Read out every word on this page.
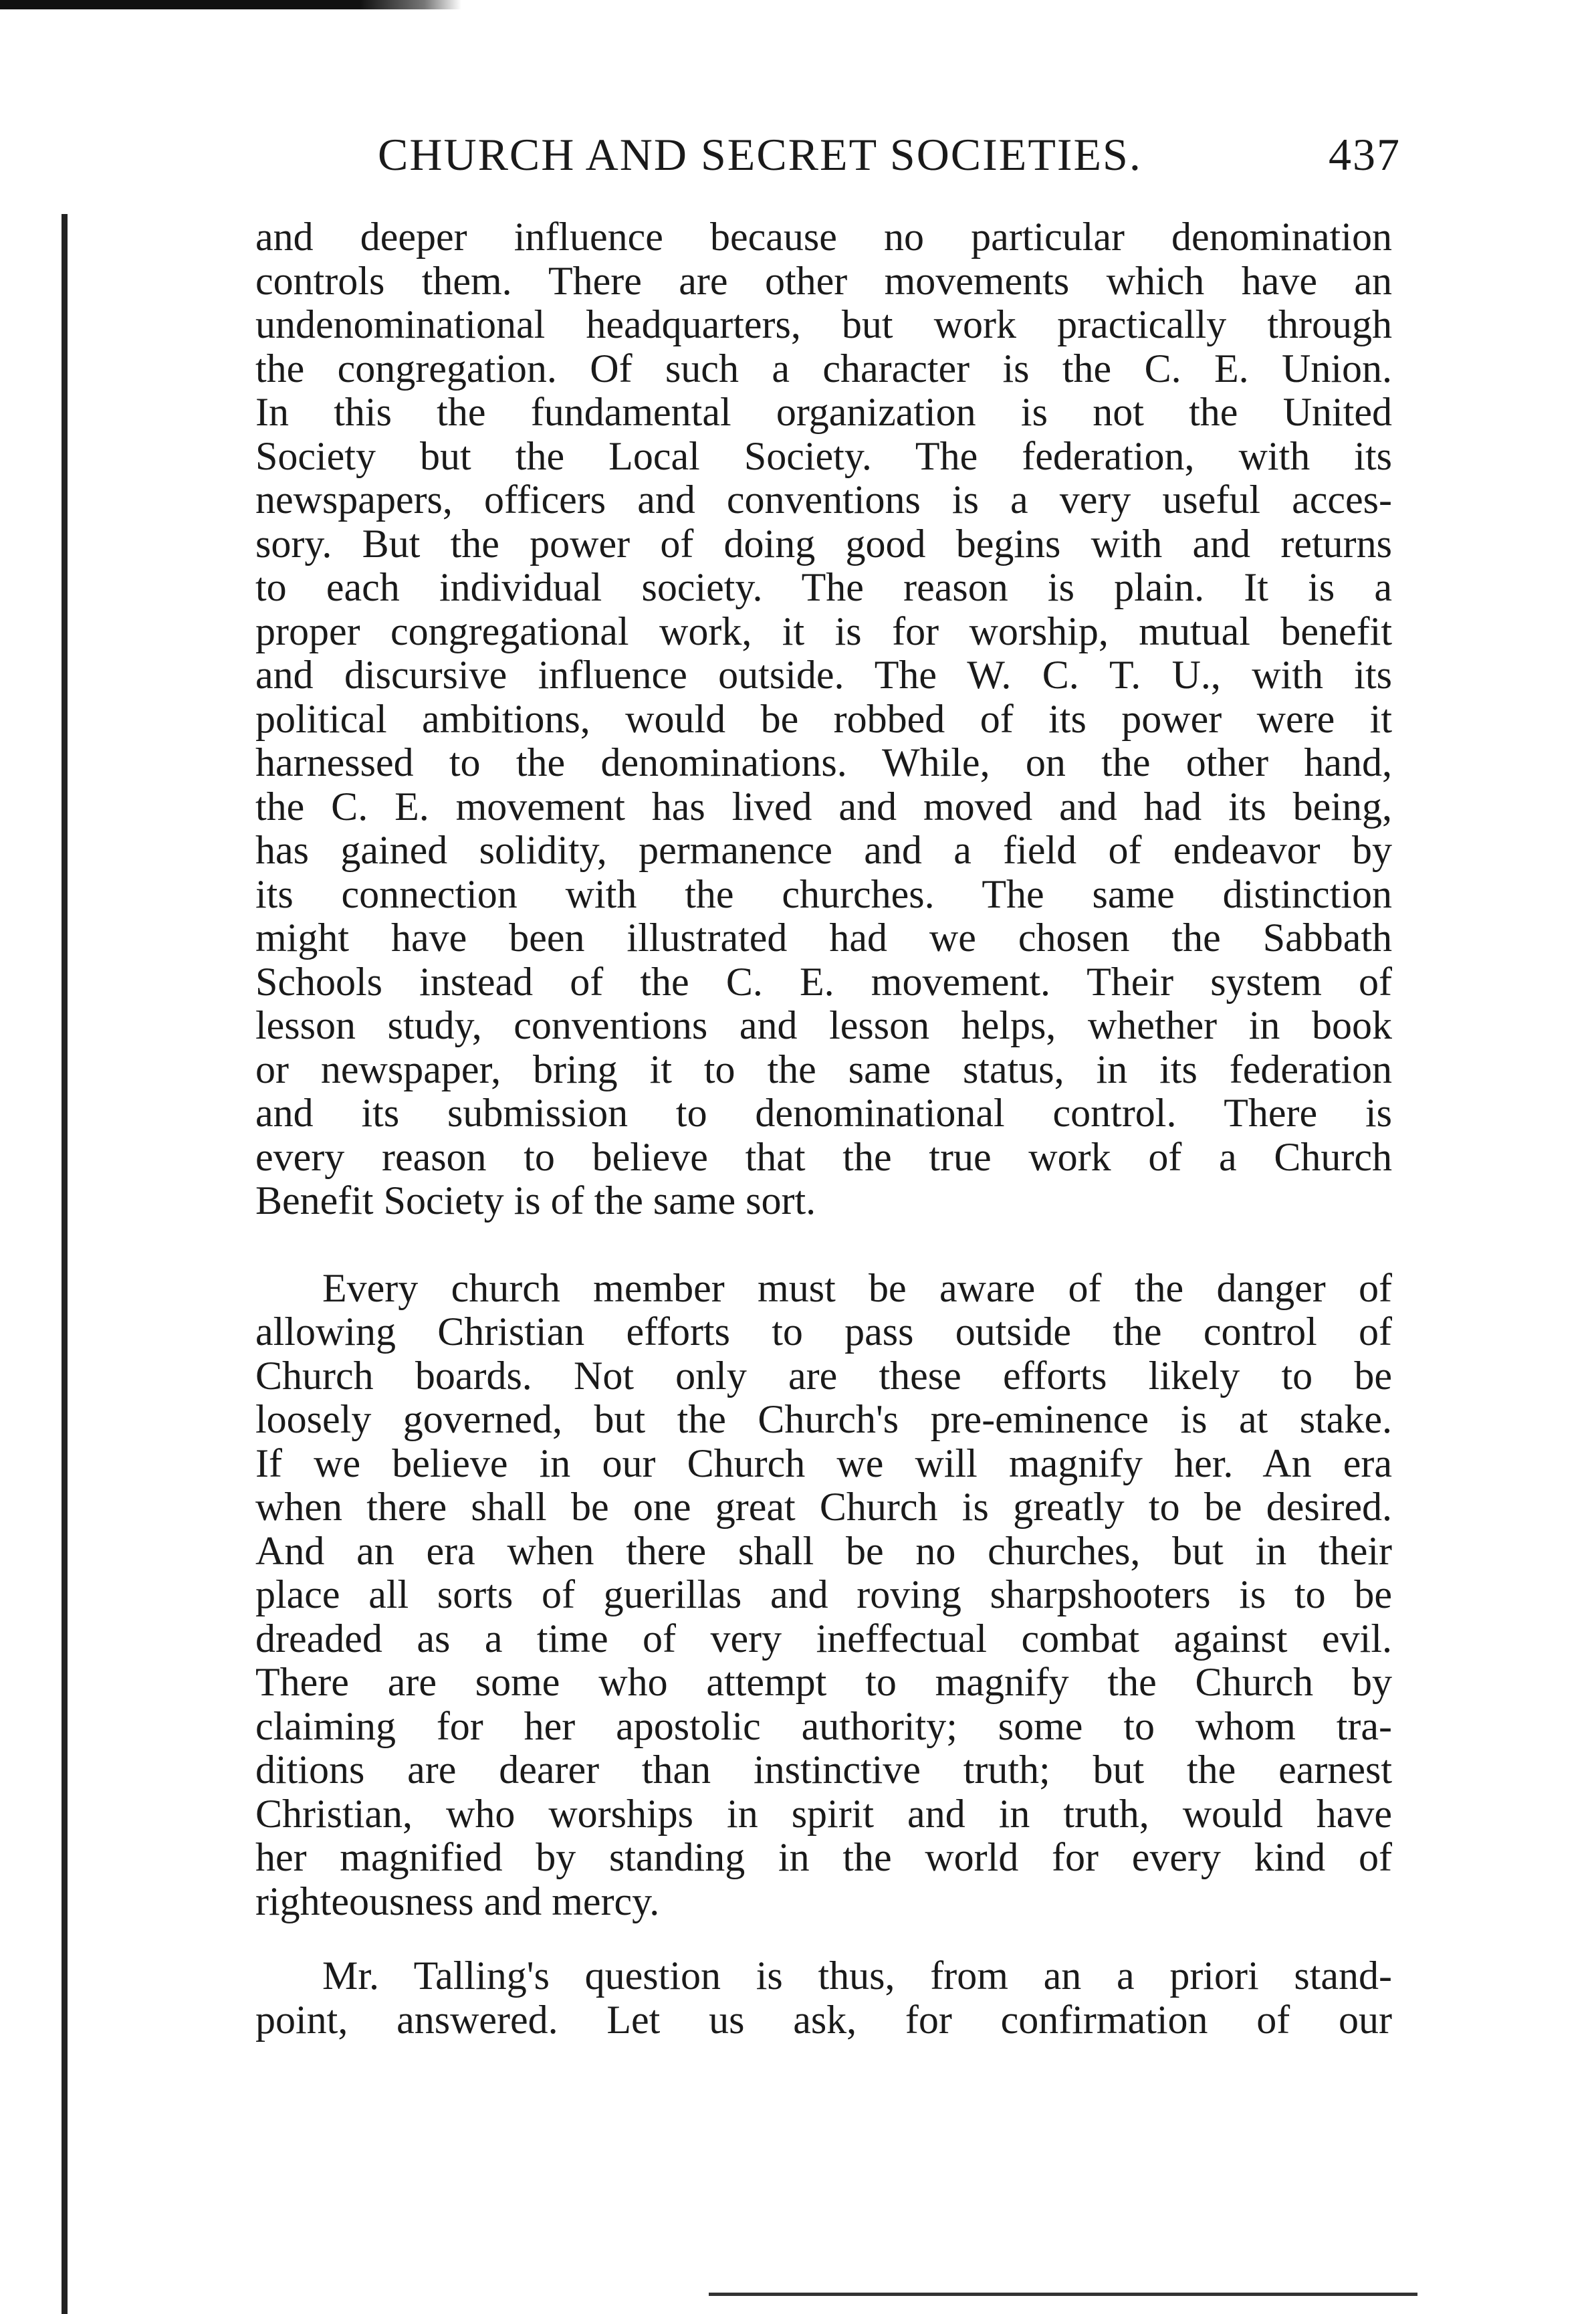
CHURCH AND SECRET SOCIETIES.	437
and deeper influence because no particular denomination
controls them. There are other movements which have an
undenominational headquarters, but work practically through
the congregation. Of such a character is the C. E. Union.
In this the fundamental organization is not the United
Society but the Local Society. The federation, with its
newspapers, officers and conventions is a very useful acces-
sory. But the power of doing good begins with and returns
to each individual society. The reason is plain. It is a
proper congregational work, it is for worship, mutual benefit
and discursive influence outside. The W. C. T. U., with its
political ambitions, would be robbed of its power were it
harnessed to the denominations. While, on the other hand,
the C. E. movement has lived and moved and had its being,
has gained solidity, permanence and a field of endeavor by
its connection with the churches. The same distinction
might have been illustrated had we chosen the Sabbath
Schools instead of the C. E. movement. Their system of
lesson study, conventions and lesson helps, whether in book
or newspaper, bring it to the same status, in its federation
and its submission to denominational control. There is
every reason to believe that the true work of a Church
Benefit Society is of the same sort.
Every church member must be aware of the danger of
allowing Christian efforts to pass outside the control of
Church boards. Not only are these efforts likely to be
loosely governed, but the Church's pre-eminence is at stake.
If we believe in our Church we will magnify her. An era
when there shall be one great Church is greatly to be desired.
And an era when there shall be no churches, but in their
place all sorts of guerillas and roving sharpshooters is to be
dreaded as a time of very ineffectual combat against evil.
There are some who attempt to magnify the Church by
claiming for her apostolic authority; some to whom tra-
ditions are dearer than instinctive truth; but the earnest
Christian, who worships in spirit and in truth, would have
her magnified by standing in the world for every kind of
righteousness and mercy.
Mr. Talling's question is thus, from an a priori stand-
point, answered. Let us ask, for confirmation of our
